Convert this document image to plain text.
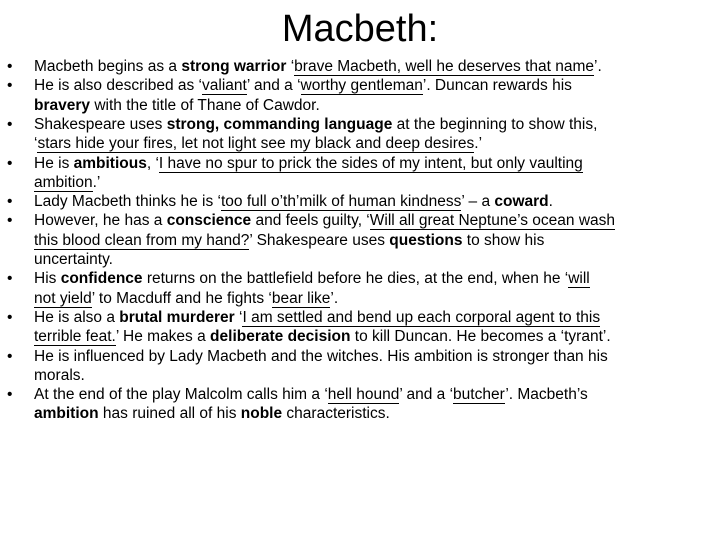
Macbeth:
• Macbeth begins as a strong warrior ‘brave Macbeth, well he deserves that name’.
• He is also described as ‘valiant’ and a ‘worthy gentleman’. Duncan rewards his
bravery with the title of Thane of Cawdor.
• Shakespeare uses strong, commanding language at the beginning to show this,
‘stars hide your fires, let not light see my black and deep desires.’
• He is ambitious, ‘I have no spur to prick the sides of my intent, but only vaulting
ambition.’
• Lady Macbeth thinks he is ‘too full o’th’milk of human kindness’ – a coward.
• However, he has a conscience and feels guilty, ‘Will all great Neptune’s ocean wash
this blood clean from my hand?’ Shakespeare uses questions to show his
uncertainty.
• His confidence returns on the battlefield before he dies, at the end, when he ‘will
not yield’ to Macduff and he fights ‘bear like’.
• He is also a brutal murderer ‘I am settled and bend up each corporal agent to this
terrible feat.’ He makes a deliberate decision to kill Duncan. He becomes a ‘tyrant’.
• He is influenced by Lady Macbeth and the witches. His ambition is stronger than his
morals.
• At the end of the play Malcolm calls him a ‘hell hound’ and a ‘butcher’. Macbeth’s
ambition has ruined all of his noble characteristics.
